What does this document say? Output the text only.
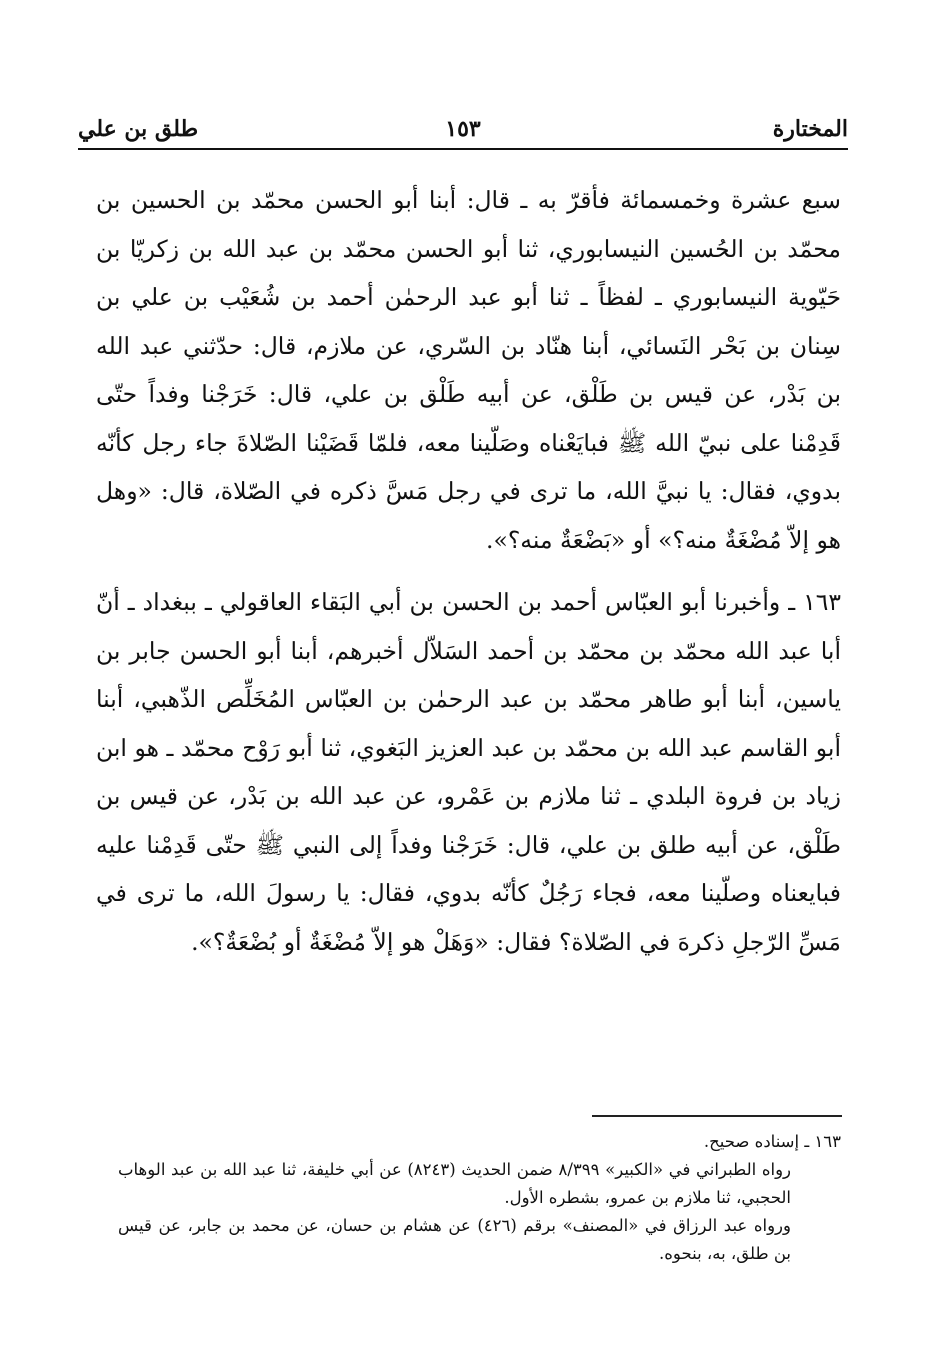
المختارة
١٥٣
طلق بن علي

سبع عشرة وخمسمائة فأقرّ به ـ قال: أبنا أبو الحسن محمّد بن الحسين بن محمّد بن الحُسين النيسابوري، ثنا أبو الحسن محمّد بن عبد الله بن زكريّا بن حَيّوية النيسابوري ـ لفظاً ـ ثنا أبو عبد الرحمٰن أحمد بن شُعَيْب بن علي بن سِنان بن بَحْر النَسائي، أبنا هنّاد بن السّري، عن ملازم، قال: حدّثني عبد الله بن بَدْر، عن قيس بن طَلْق، عن أبيه طَلْق بن علي، قال: خَرَجْنا وفداً حتّى قَدِمْنا على نبيّ الله ﷺ فبايَعْناه وصَلّينا معه، فلمّا قَضَيْنا الصّلاةَ جاء رجل كأنّه بدوي، فقال: يا نبيَّ الله، ما ترى في رجل مَسَّ ذكره في الصّلاة، قال: «وهل هو إلاّ مُضْغَةٌ منه؟» أو «بَضْعَةٌ منه؟».

١٦٣ ـ وأخبرنا أبو العبّاس أحمد بن الحسن بن أبي البَقاء العاقولي ـ ببغداد ـ أنّ أبا عبد الله محمّد بن محمّد بن أحمد السَلاّل أخبرهم، أبنا أبو الحسن جابر بن ياسين، أبنا أبو طاهر محمّد بن عبد الرحمٰن بن العبّاس المُخَلِّص الذّهبي، أبنا أبو القاسم عبد الله بن محمّد بن عبد العزيز البَغوي، ثنا أبو رَوْح محمّد ـ هو ابن زياد بن فروة البلدي ـ ثنا ملازم بن عَمْرو، عن عبد الله بن بَدْر، عن قيس بن طَلْق، عن أبيه طلق بن علي، قال: خَرَجْنا وفداً إلى النبي ﷺ حتّى قَدِمْنا عليه فبايعناه وصلّينا معه، فجاء رَجُلٌ كأنّه بدوي، فقال: يا رسولَ الله، ما ترى في مَسِّ الرّجلِ ذكرهَ في الصّلاة؟ فقال: «وَهَلْ هو إلاّ مُضْغَةٌ أو بُضْعَةٌ؟».

١٦٣ ـ إسناده صحيح.

رواه الطبراني في «الكبير» ٨/٣٩٩ ضمن الحديث (٨٢٤٣) عن أبي خليفة، ثنا عبد الله بن عبد الوهاب الحجبي، ثنا ملازم بن عمرو، بشطره الأول.

ورواه عبد الرزاق في «المصنف» برقم (٤٢٦) عن هشام بن حسان، عن محمد بن جابر، عن قيس بن طلق، به، بنحوه.
